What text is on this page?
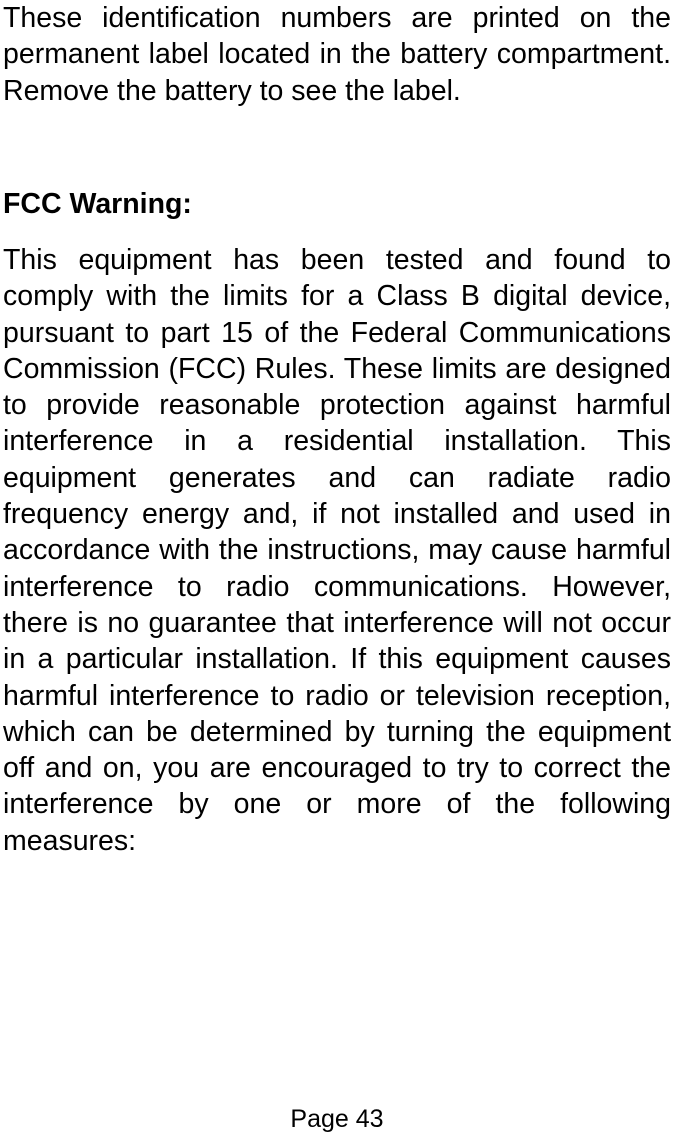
These identification numbers are printed on the permanent label located in the battery compartment. Remove the battery to see the label.

FCC Warning:

This equipment has been tested and found to comply with the limits for a Class B digital device, pursuant to part 15 of the Federal Communications Commission (FCC) Rules. These limits are designed to provide reasonable protection against harmful interference in a residential installation. This equipment generates and can radiate radio frequency energy and, if not installed and used in accordance with the instructions, may cause harmful interference to radio communications. However, there is no guarantee that interference will not occur in a particular installation. If this equipment causes harmful interference to radio or television reception, which can be determined by turning the equipment off and on, you are encouraged to try to correct the interference by one or more of the following measures:

Page 43
